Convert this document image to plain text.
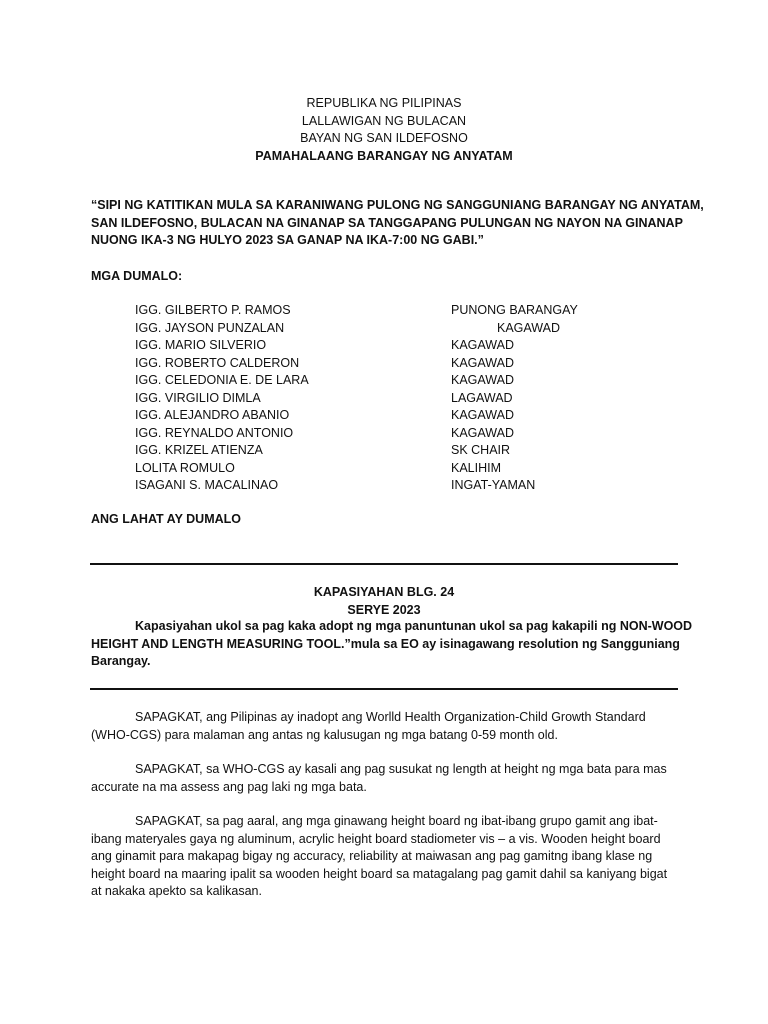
REPUBLIKA NG PILIPINAS
LALLAWIGAN NG BULACAN
BAYAN NG SAN ILDEFOSNO
PAMAHALAANG BARANGAY NG ANYATAM
“SIPI NG KATITIKAN MULA SA KARANIWANG PULONG NG SANGGUNIANG BARANGAY NG ANYATAM,
SAN ILDEFOSNO, BULACAN NA GINANAP SA TANGGAPANG PULUNGAN NG NAYON NA GINANAP
NUONG IKA-3 NG HULYO 2023 SA GANAP NA IKA-7:00 NG GABI.”
MGA DUMALO:
IGG. GILBERTO P. RAMOS	PUNONG BARANGAY
IGG. JAYSON PUNZALAN	KAGAWAD
IGG. MARIO SILVERIO	KAGAWAD
IGG. ROBERTO CALDERON	KAGAWAD
IGG. CELEDONIA E. DE LARA	KAGAWAD
IGG. VIRGILIO DIMLA	LAGAWAD
IGG. ALEJANDRO ABANIO	KAGAWAD
IGG. REYNALDO ANTONIO	KAGAWAD
IGG. KRIZEL ATIENZA	SK CHAIR
LOLITA ROMULO	KALIHIM
ISAGANI S. MACALINAO	INGAT-YAMAN
ANG LAHAT AY DUMALO
KAPASIYAHAN BLG. 24
SERYE 2023
Kapasiyahan ukol sa pag kaka adopt ng mga panuntunan ukol sa pag kakapili ng NON-WOOD
HEIGHT AND LENGTH MEASURING TOOL.”mula sa EO ay isinagawang resolution ng Sangguniang
Barangay.
SAPAGKAT, ang Pilipinas ay inadopt ang Worlld Health Organization-Child Growth Standard
(WHO-CGS) para malaman ang antas ng kalusugan ng mga batang 0-59 month old.
SAPAGKAT, sa WHO-CGS ay kasali ang pag susukat ng length at height ng mga bata para mas
accurate na ma assess ang pag laki ng mga bata.
SAPAGKAT, sa pag aaral, ang mga ginawang height board ng ibat-ibang grupo gamit ang ibat-
ibang materyales gaya ng aluminum, acrylic height board stadiometer vis – a vis. Wooden height board
ang ginamit para makapag bigay ng accuracy, reliability at maiwasan ang pag gamitng ibang klase ng
height board na maaring ipalit sa wooden height board sa matagalang pag gamit dahil sa kaniyang bigat
at nakaka apekto sa kalikasan.
